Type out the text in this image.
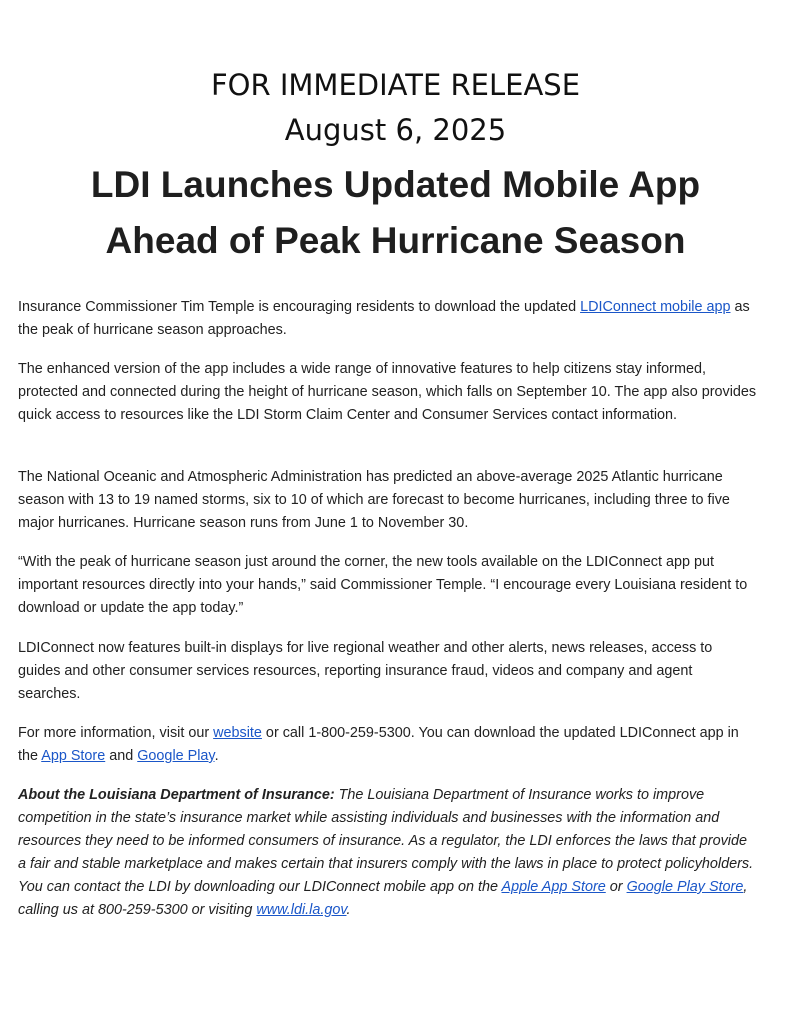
FOR IMMEDIATE RELEASE
August 6, 2025
LDI Launches Updated Mobile App
Ahead of Peak Hurricane Season

Insurance Commissioner Tim Temple is encouraging residents to download the updated LDIConnect mobile app as the peak of hurricane season approaches.

The enhanced version of the app includes a wide range of innovative features to help citizens stay informed, protected and connected during the height of hurricane season, which falls on September 10. The app also provides quick access to resources like the LDI Storm Claim Center and Consumer Services contact information.

The National Oceanic and Atmospheric Administration has predicted an above-average 2025 Atlantic hurricane season with 13 to 19 named storms, six to 10 of which are forecast to become hurricanes, including three to five major hurricanes. Hurricane season runs from June 1 to November 30.

“With the peak of hurricane season just around the corner, the new tools available on the LDIConnect app put important resources directly into your hands,” said Commissioner Temple. “I encourage every Louisiana resident to download or update the app today.”

LDIConnect now features built-in displays for live regional weather and other alerts, news releases, access to guides and other consumer services resources, reporting insurance fraud, videos and company and agent searches.

For more information, visit our website or call 1-800-259-5300. You can download the updated LDIConnect app in the App Store and Google Play.

About the Louisiana Department of Insurance: The Louisiana Department of Insurance works to improve competition in the state’s insurance market while assisting individuals and businesses with the information and resources they need to be informed consumers of insurance. As a regulator, the LDI enforces the laws that provide a fair and stable marketplace and makes certain that insurers comply with the laws in place to protect policyholders. You can contact the LDI by downloading our LDIConnect mobile app on the Apple App Store or Google Play Store, calling us at 800-259-5300 or visiting www.ldi.la.gov.
